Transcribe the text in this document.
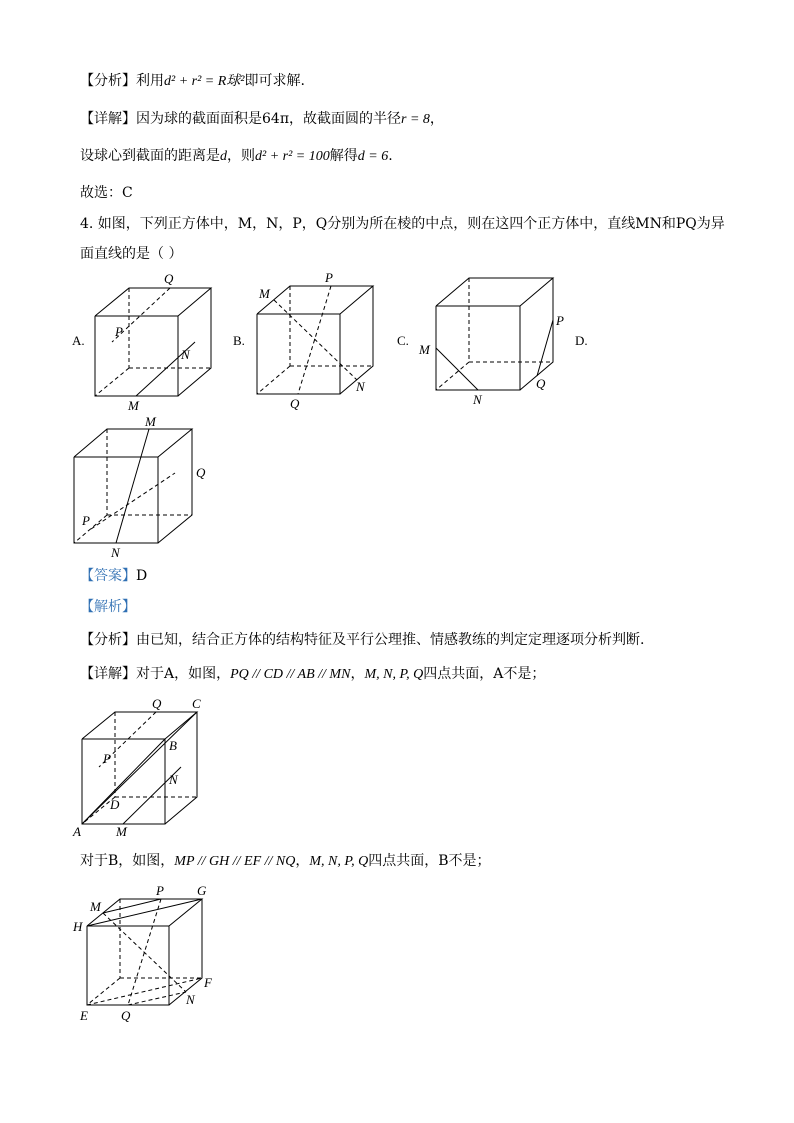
【分析】利用d² + r² = R球²即可求解.
【详解】因为球的截面面积是64π，故截面圆的半径r = 8，
设球心到截面的距离是d，则d² + r² = 100解得d = 6.
故选：C
4. 如图，下列正方体中，M，N，P，Q分别为所在棱的中点，则在这四个正方体中，直线MN和PQ为异
面直线的是（ ）
A.	B.	C.	D.
Q
P
N
M
P
M
N
Q
P
M
N
Q
M
Q
P
N
【答案】D
【解析】
【分析】由已知，结合正方体的结构特征及平行公理推、情感教练的判定定理逐项分析判断.
【详解】对于A，如图，PQ // CD // AB // MN，M, N, P, Q四点共面，A不是；
Q C
P
B
N
D
A	M
对于B，如图，MP // GH // EF // NQ，M, N, P, Q四点共面，B不是；
P	G
M
H
F
N
E	Q
